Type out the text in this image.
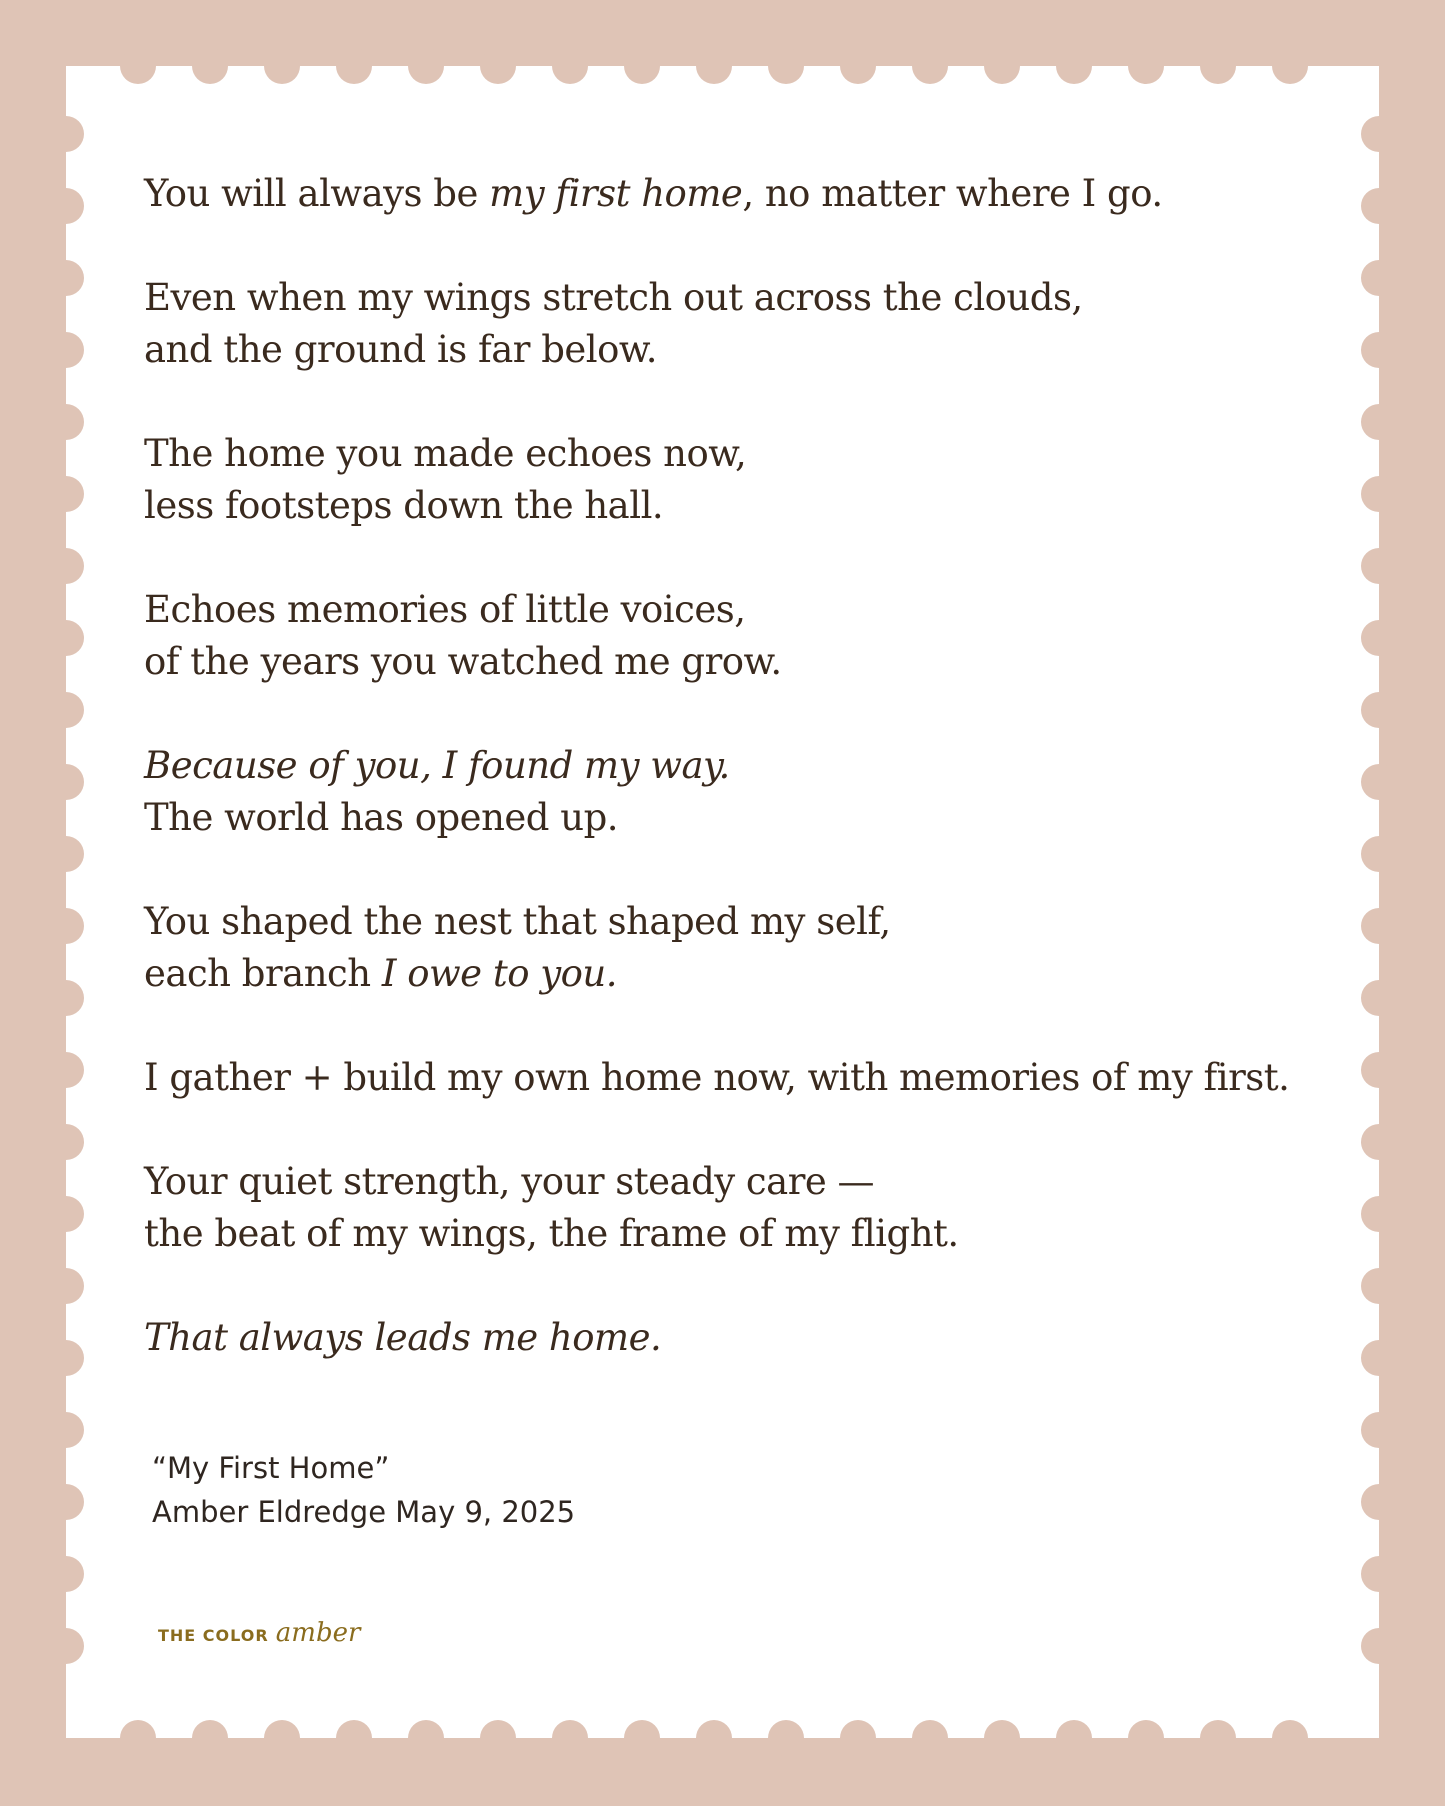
You will always be my first home, no matter where I go.

Even when my wings stretch out across the clouds,
and the ground is far below.

The home you made echoes now,
less footsteps down the hall.

Echoes memories of little voices,
of the years you watched me grow.

Because of you, I found my way.
The world has opened up.

You shaped the nest that shaped my self,
each branch I owe to you.

I gather + build my own home now, with memories of my first.

Your quiet strength, your steady care —
the beat of my wings, the frame of my flight.

That always leads me home.

“My First Home”
Amber Eldredge May 9, 2025
THE COLOR amber
